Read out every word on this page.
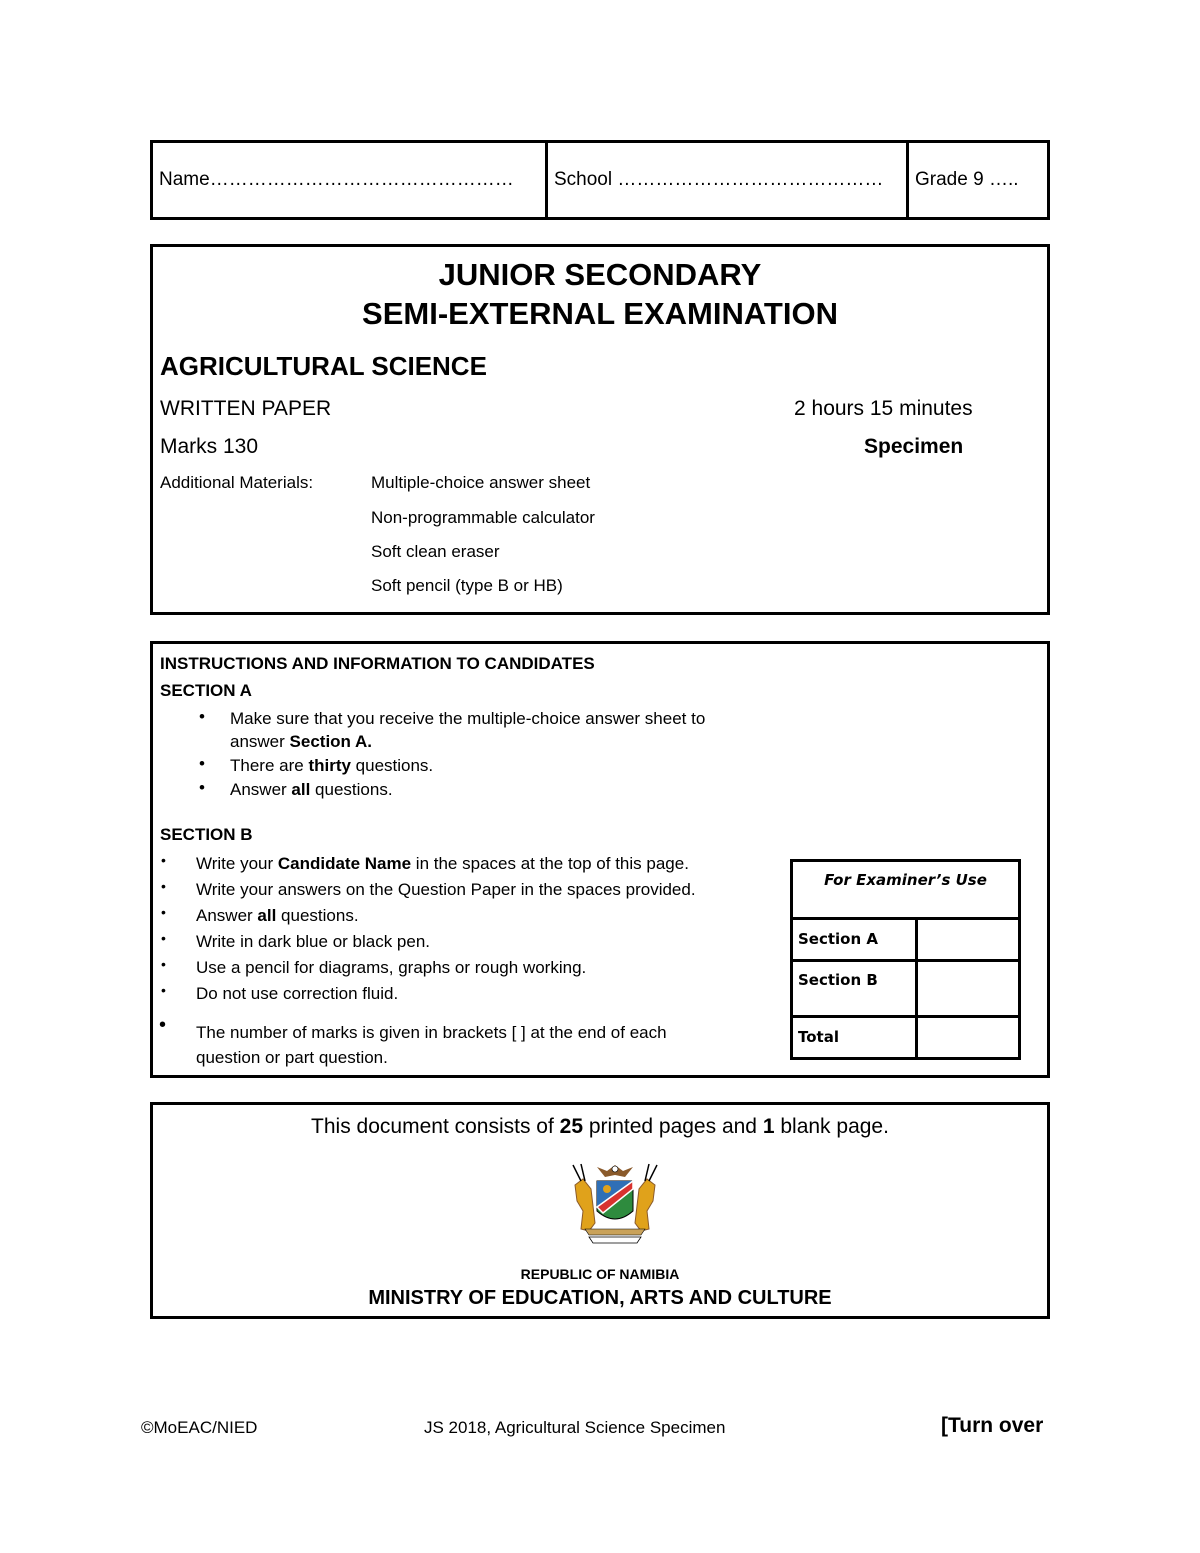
Name ………………………………………… School
…………………………………… Grade 9
…..
JUNIOR SECONDARY
SEMI-EXTERNAL EXAMINATION
AGRICULTURAL SCIENCE
WRITTEN PAPER	2 hours 15 minutes
Marks 130	Specimen
Additional Materials:	Multiple-choice answer sheet
Non-programmable calculator
Soft clean eraser
Soft pencil (type B or HB)
INSTRUCTIONS AND INFORMATION TO CANDIDATES
SECTION A
• Make sure that you receive the multiple-choice answer sheet to
answer Section A.
• There are thirty questions.
• Answer all questions.
SECTION B
• Write your Candidate Name in the spaces at the top of this page.
• Write your answers on the Question Paper in the spaces provided.
• Answer all questions.
• Write in dark blue or black pen.
• Use a pencil for diagrams, graphs or rough working.
• Do not use correction fluid.
• The number of marks is given in brackets [ ] at the end of each
question or part question.
For Examiner’s Use
Section A
Section B
Total
This document consists of 25 printed pages and 1 blank page.
REPUBLIC OF NAMIBIA
MINISTRY OF EDUCATION, ARTS AND CULTURE
©MoEAC/NIED	JS 2018, Agricultural Science Specimen	[Turn over
